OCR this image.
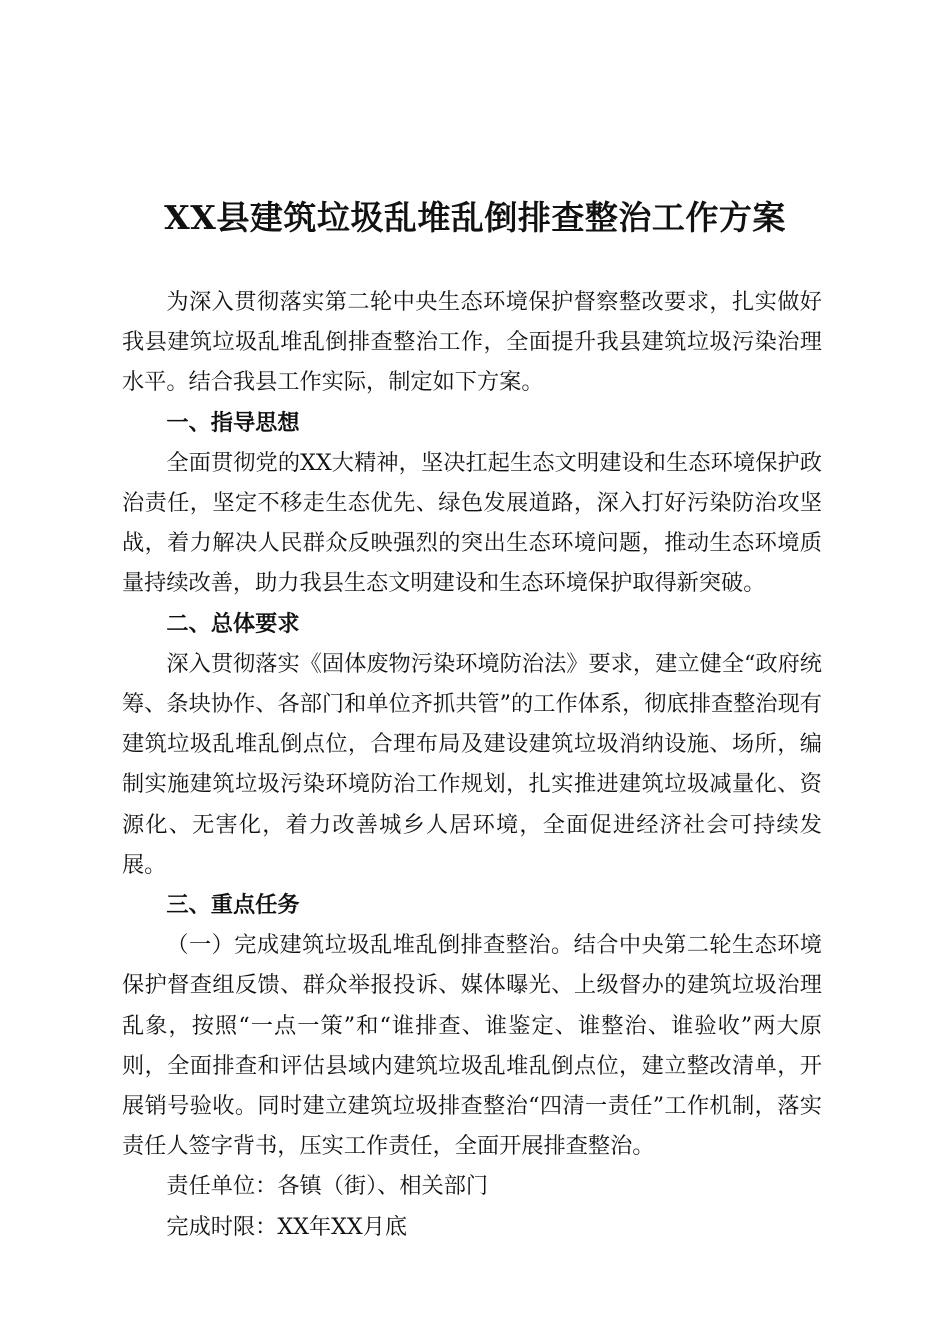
XX县建筑垃圾乱堆乱倒排查整治工作方案

为深入贯彻落实第二轮中央生态环境保护督察整改要求，扎实做好我县建筑垃圾乱堆乱倒排查整治工作，全面提升我县建筑垃圾污染治理水平。结合我县工作实际，制定如下方案。

一、指导思想

全面贯彻党的XX大精神，坚决扛起生态文明建设和生态环境保护政治责任，坚定不移走生态优先、绿色发展道路，深入打好污染防治攻坚战，着力解决人民群众反映强烈的突出生态环境问题，推动生态环境质量持续改善，助力我县生态文明建设和生态环境保护取得新突破。

二、总体要求

深入贯彻落实《固体废物污染环境防治法》要求，建立健全“政府统筹、条块协作、各部门和单位齐抓共管”的工作体系，彻底排查整治现有建筑垃圾乱堆乱倒点位，合理布局及建设建筑垃圾消纳设施、场所，编制实施建筑垃圾污染环境防治工作规划，扎实推进建筑垃圾减量化、资源化、无害化，着力改善城乡人居环境，全面促进经济社会可持续发展。

三、重点任务

（一）完成建筑垃圾乱堆乱倒排查整治。结合中央第二轮生态环境保护督查组反馈、群众举报投诉、媒体曝光、上级督办的建筑垃圾治理乱象，按照“一点一策”和“谁排查、谁鉴定、谁整治、谁验收”两大原则，全面排查和评估县域内建筑垃圾乱堆乱倒点位，建立整改清单，开展销号验收。同时建立建筑垃圾排查整治“四清一责任”工作机制，落实责任人签字背书，压实工作责任，全面开展排查整治。

责任单位：各镇（街）、相关部门

完成时限：XX年XX月底
